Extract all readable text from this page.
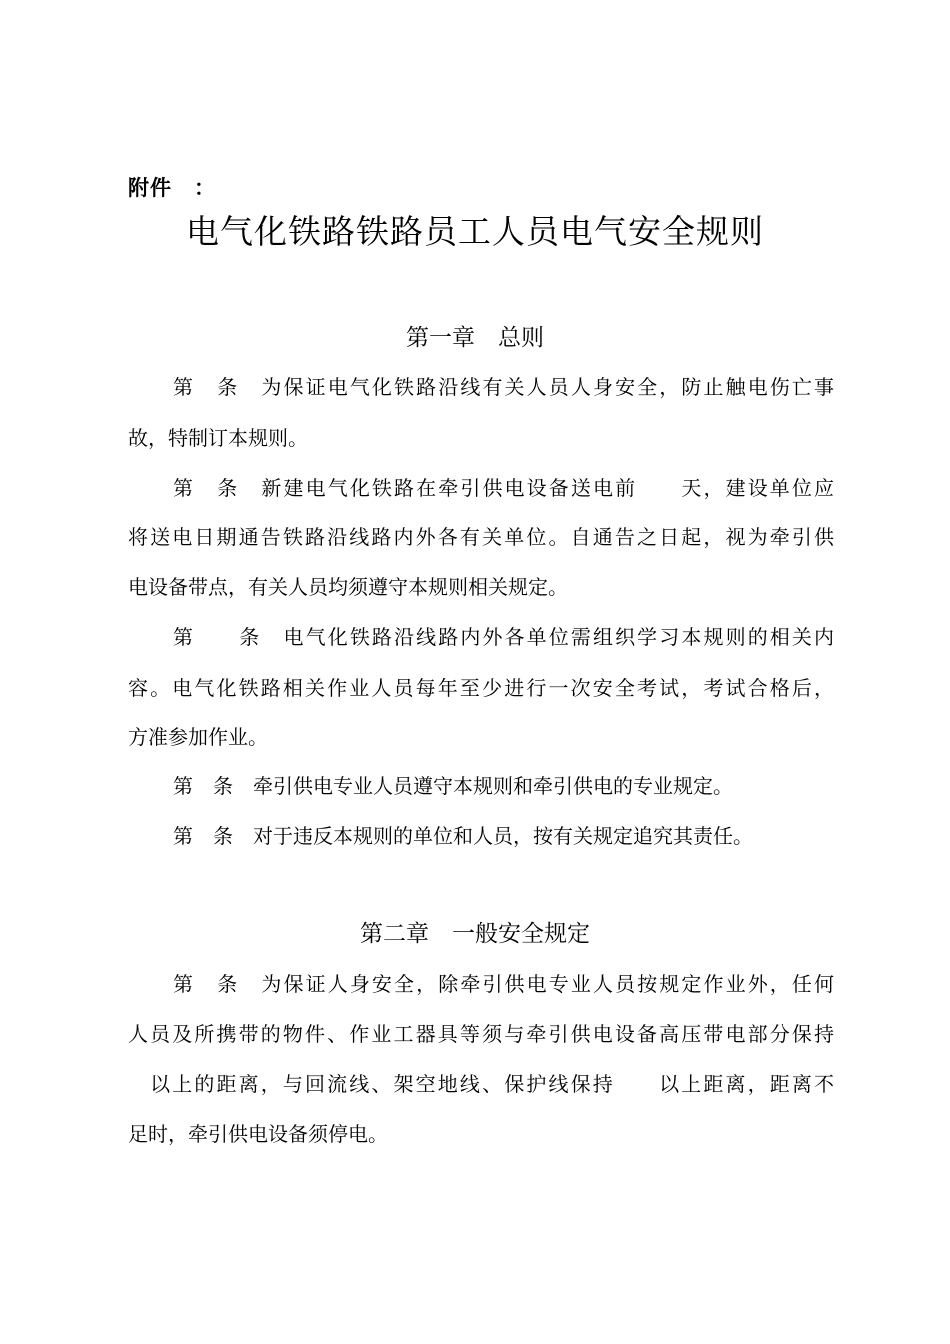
附件　：
电气化铁路铁路员工人员电气安全规则
第一章　总则
第　条　为保证电气化铁路沿线有关人员人身安全，防止触电伤亡事
故，特制订本规则。
第　条　新建电气化铁路在牵引供电设备送电前　　天，建设单位应
将送电日期通告铁路沿线路内外各有关单位。自通告之日起，视为牵引供
电设备带点，有关人员均须遵守本规则相关规定。
第　　条　电气化铁路沿线路内外各单位需组织学习本规则的相关内
容。电气化铁路相关作业人员每年至少进行一次安全考试，考试合格后，
方准参加作业。
第　条　牵引供电专业人员遵守本规则和牵引供电的专业规定。
第　条　对于违反本规则的单位和人员，按有关规定追究其责任。
第二章　一般安全规定
第　条　为保证人身安全，除牵引供电专业人员按规定作业外，任何
人员及所携带的物件、作业工器具等须与牵引供电设备高压带电部分保持
　以上的距离，与回流线、架空地线、保护线保持　　以上距离，距离不
足时，牵引供电设备须停电。
